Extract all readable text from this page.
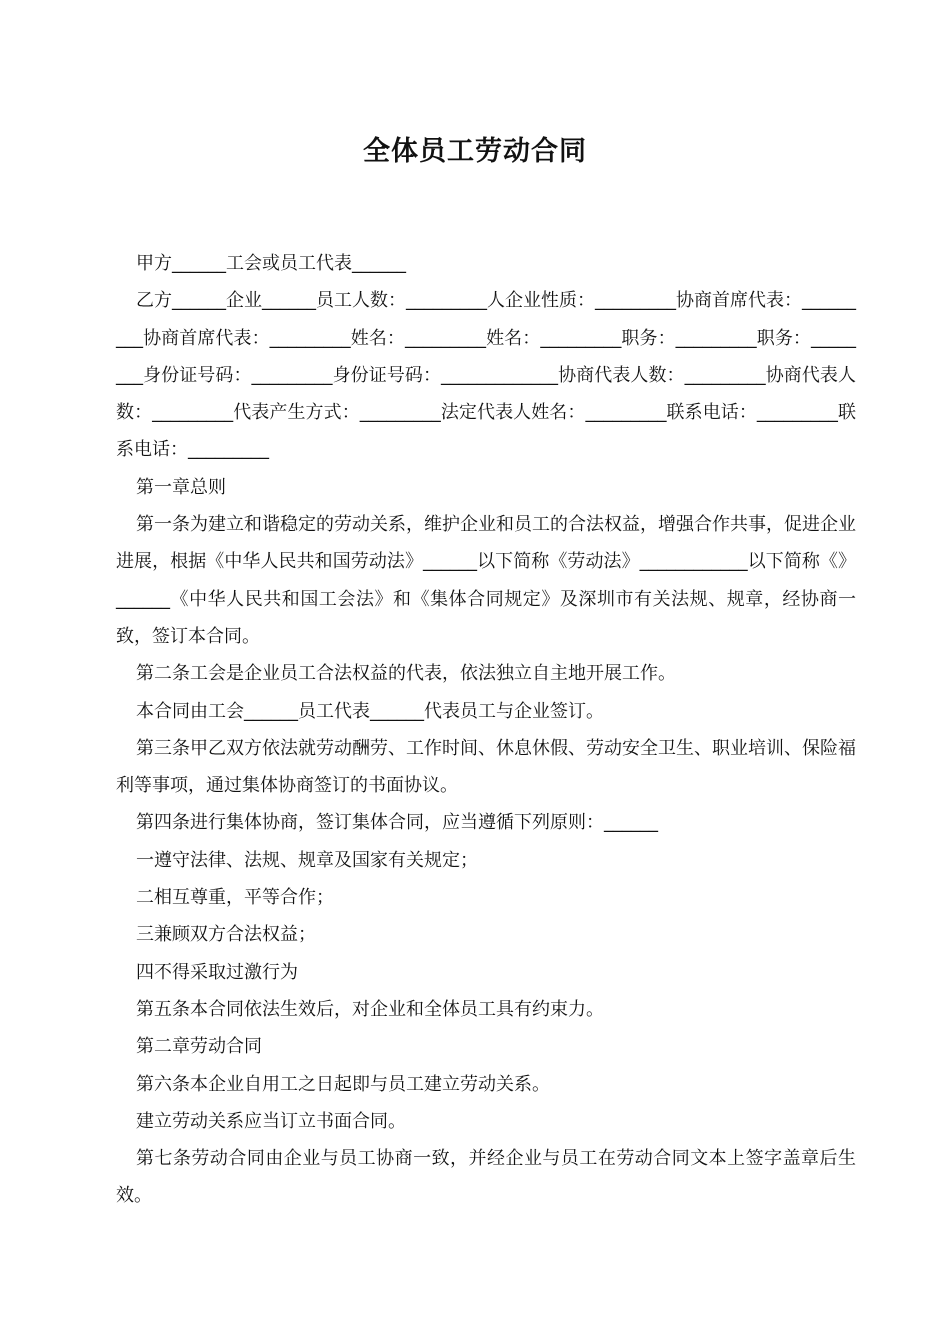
全体员工劳动合同

甲方______工会或员工代表______

乙方______企业______员工人数：_________人企业性质：_________协商首席代表：_________协商首席代表：_________姓名：_________姓名：_________职务：_________职务：________身份证号码：_________身份证号码：_____________协商代表人数：_________协商代表人数：_________代表产生方式：_________法定代表人姓名：_________联系电话：_________联系电话：_________

第一章总则

第一条为建立和谐稳定的劳动关系，维护企业和员工的合法权益，增强合作共事，促进企业进展，根据《中华人民共和国劳动法》______以下简称《劳动法》____________以下简称《》______《中华人民共和国工会法》和《集体合同规定》及深圳市有关法规、规章，经协商一致，签订本合同。

第二条工会是企业员工合法权益的代表，依法独立自主地开展工作。

本合同由工会______员工代表______代表员工与企业签订。

第三条甲乙双方依法就劳动酬劳、工作时间、休息休假、劳动安全卫生、职业培训、保险福利等事项，通过集体协商签订的书面协议。

第四条进行集体协商，签订集体合同，应当遵循下列原则：______

一遵守法律、法规、规章及国家有关规定；

二相互尊重，平等合作；

三兼顾双方合法权益；

四不得采取过激行为

第五条本合同依法生效后，对企业和全体员工具有约束力。

第二章劳动合同

第六条本企业自用工之日起即与员工建立劳动关系。

建立劳动关系应当订立书面合同。

第七条劳动合同由企业与员工协商一致，并经企业与员工在劳动合同文本上签字盖章后生效。
